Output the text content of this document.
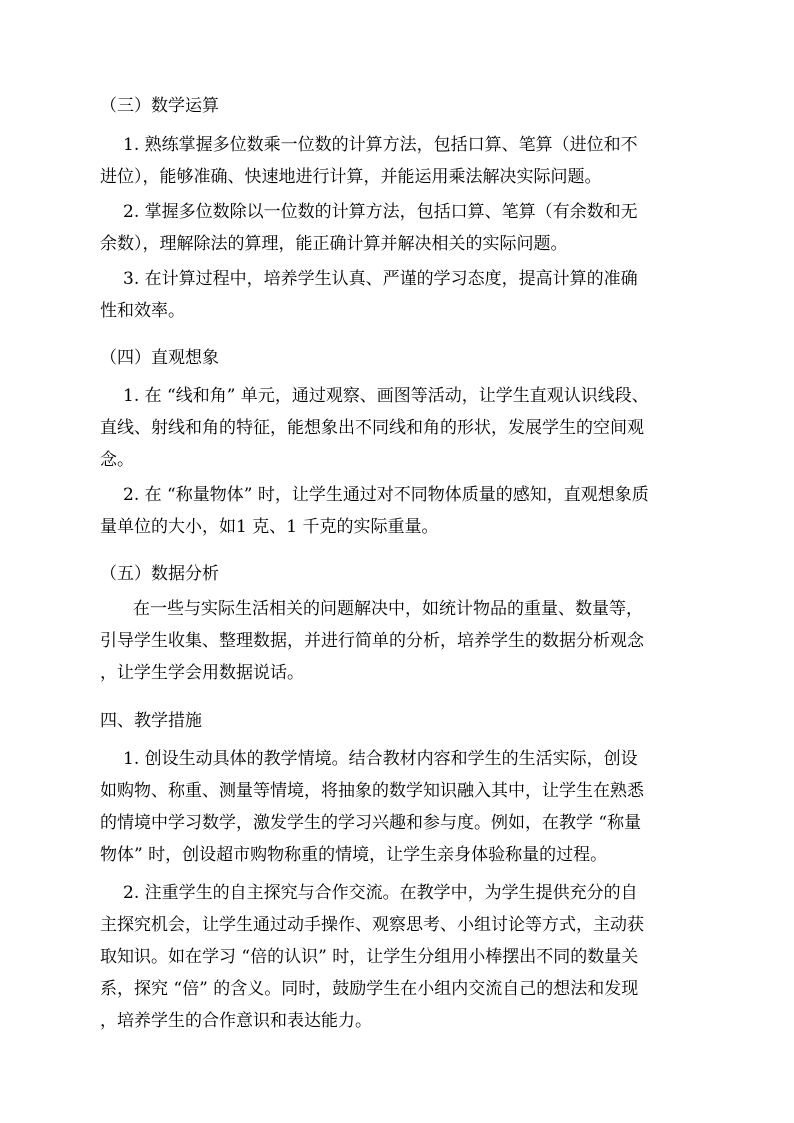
（三）数学运算
1. 熟练掌握多位数乘一位数的计算方法，包括口算、笔算（进位和不
进位），能够准确、快速地进行计算，并能运用乘法解决实际问题。
2. 掌握多位数除以一位数的计算方法，包括口算、笔算（有余数和无
余数），理解除法的算理，能正确计算并解决相关的实际问题。
3. 在计算过程中，培养学生认真、严谨的学习态度，提高计算的准确
性和效率。
（四）直观想象
1. 在 “线和角” 单元，通过观察、画图等活动，让学生直观认识线段、
直线、射线和角的特征，能想象出不同线和角的形状，发展学生的空间观
念。
2. 在 “称量物体” 时，让学生通过对不同物体质量的感知，直观想象质
量单位的大小，如1 克、1 千克的实际重量。
（五）数据分析
在一些与实际生活相关的问题解决中，如统计物品的重量、数量等，
引导学生收集、整理数据，并进行简单的分析，培养学生的数据分析观念
，让学生学会用数据说话。
四、教学措施
1. 创设生动具体的教学情境。结合教材内容和学生的生活实际，创设
如购物、称重、测量等情境，将抽象的数学知识融入其中，让学生在熟悉
的情境中学习数学，激发学生的学习兴趣和参与度。例如，在教学 “称量
物体” 时，创设超市购物称重的情境，让学生亲身体验称量的过程。
2. 注重学生的自主探究与合作交流。在教学中，为学生提供充分的自
主探究机会，让学生通过动手操作、观察思考、小组讨论等方式，主动获
取知识。如在学习 “倍的认识” 时，让学生分组用小棒摆出不同的数量关
系，探究 “倍” 的含义。同时，鼓励学生在小组内交流自己的想法和发现
，培养学生的合作意识和表达能力。
